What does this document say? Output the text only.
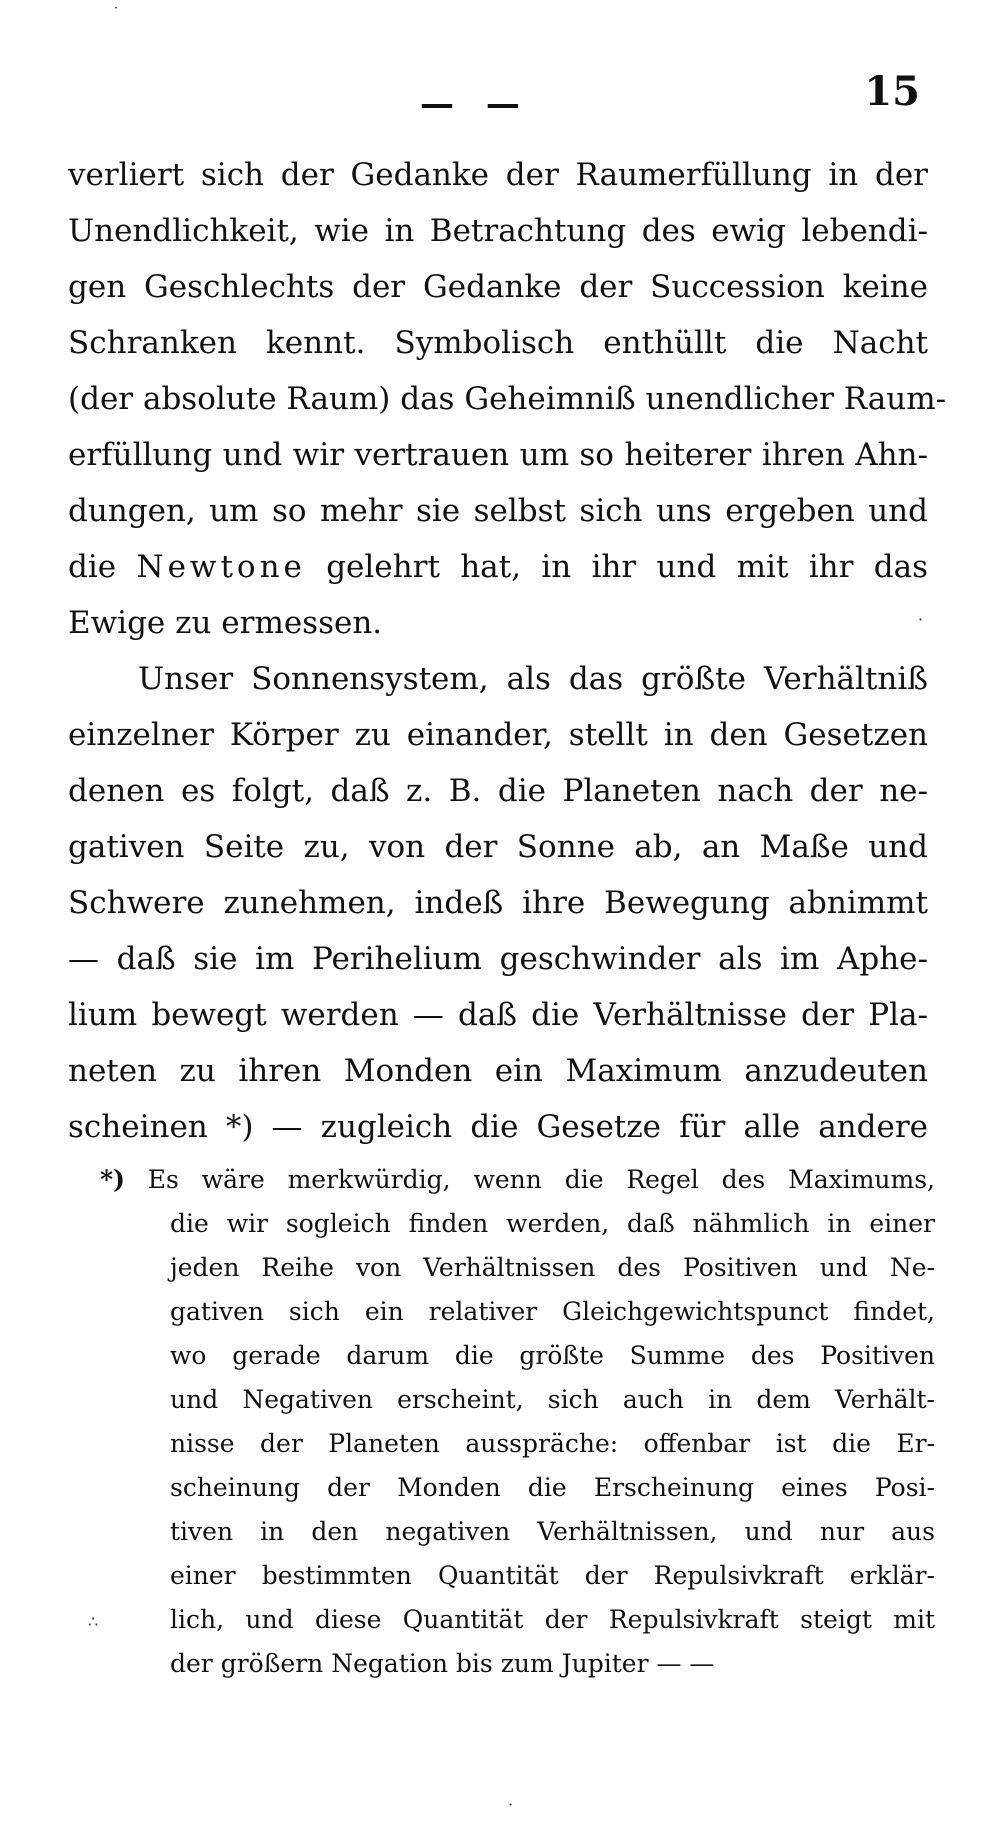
— —	15
verliert sich der Gedanke der Raumerfüllung in der
Unendlichkeit, wie in Betrachtung des ewig lebendi-
gen Geschlechts der Gedanke der Succession keine
Schranken kennt. Symbolisch enthüllt die Nacht
(der absolute Raum) das Geheimniß unendlicher Raum-
erfüllung und wir vertrauen um so heiterer ihren Ahn-
dungen, um so mehr sie selbst sich uns ergeben und
die Newtone gelehrt hat, in ihr und mit ihr das
Ewige zu ermessen.
Unser Sonnensystem, als das größte Verhältniß
einzelner Körper zu einander, stellt in den Gesetzen
denen es folgt, daß z. B. die Planeten nach der ne-
gativen Seite zu, von der Sonne ab, an Maße und
Schwere zunehmen, indeß ihre Bewegung abnimmt
— daß sie im Perihelium geschwinder als im Aphe-
lium bewegt werden — daß die Verhältnisse der Pla-
neten zu ihren Monden ein Maximum anzudeuten
scheinen *) — zugleich die Gesetze für alle andere
*) Es wäre merkwürdig, wenn die Regel des Maximums,
die wir sogleich finden werden, daß nähmlich in einer
jeden Reihe von Verhältnissen des Positiven und Ne-
gativen sich ein relativer Gleichgewichtspunct findet,
wo gerade darum die größte Summe des Positiven
und Negativen erscheint, sich auch in dem Verhält-
nisse der Planeten ausspräche: offenbar ist die Er-
scheinung der Monden die Erscheinung eines Posi-
tiven in den negativen Verhältnissen, und nur aus
einer bestimmten Quantität der Repulsivkraft erklär-
lich, und diese Quantität der Repulsivkraft steigt mit
der größern Negation bis zum Jupiter — —
˙
·
∴
·
